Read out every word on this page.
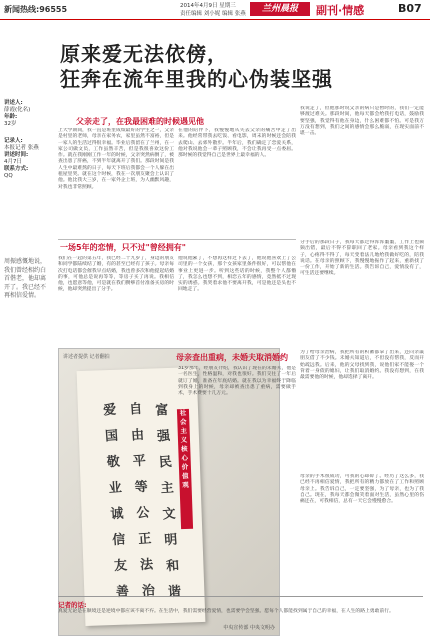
新闻热线:96555	2014年4月9日 星期三
责任编辑 刘小妮 编辑 张燕	兰州晨报	副刊·情感	B07
原来爱无法依傍，
狂奔在流年里我的心伪装坚强
讲述人:
薛霞(化名)
年龄:
32岁
记录人:
本报记者 张燕
讲述时间:
4月7日
联系方式:
QQ
周振感慨地说，我们曾经相约白首偕老，他却离开了。我已经不再相信爱情。
父亲走了，在我最困难的时候遇见他
上大学期间，我一直是班里成绩最好的学生之一，父亲是村里的老师，母亲在家务农，家里虽然不富裕，但是一家人的生活过得很幸福。毕业后我留在了兰州，在一家公司做文员，工作虽然辛苦，但是我很喜欢这份工作。就在我刚刚工作一年的时候，父亲突然病倒了，被查出患了肝癌，不到半年就离开了我们。那段时间是我人生中最难熬的日子，每天下班后我都会一个人躲在出租屋里哭。就在这个时候，我在一次朋友聚会上认识了他。他比我大三岁，在一家外企上班，为人幽默风趣，对我也非常照顾。
在他的陪伴下，我慢慢地从失去父亲的痛苦中走了出来。他经常带我去吃饭、看电影，周末的时候还会陪我去爬山、去郊外散步。半年后，我们确定了恋爱关系，他对我说他会一辈子照顾我，不会让我再受一点委屈。那时候的我觉得自己是世界上最幸福的人。
我说走了，但他那时说父亲的病只是暂时的，我们一定能够渡过难关。那段时间，他每天都会给我打电话，鼓励我要坚强，我觉得有他在身边，什么困难都不怕。可是我万万没有想到，我们之间的感情会那么脆弱，在现实面前不堪一击。
一场5年的恋情，只不过"曾经拥有"
我们在一起的第五年，我已经二十九岁了，身边的朋友和同学都陆续结了婚，有的甚至已经有了孩子。母亲每次打电话都会催我早点结婚，我也曾多次和他提起结婚的事，可他总是说再等等，等房子买了再说。我相信他，也愿意等他，可是就在我们攒够首付准备买房的时候，他却突然提出了分手。
他说他累了，不想再这样过下去了，他说他喜欢上了公司里的一个女孩，那个女孩家里条件很好，可以帮他在事业上更进一步。听到这些话的时候，我整个人都懵了，我怎么也想不到，相恋五年的感情，竟然抵不过现实的诱惑。我哭着求他不要离开我，可是他还是头也不回地走了。
分手后的那段日子，我每天都过得浑浑噩噩，工作上也频频出错，最后不得不辞职回了老家。母亲看到我这个样子，心疼得不得了，每天变着法儿地给我做好吃的，陪我说话。在母亲的照顾下，我慢慢地振作了起来，重新找了一份工作，开始了新的生活。我告诉自己，爱情没有了，可生活还要继续。
讲述者提供 记者翻拍
富强民主文明和谐
自由平等公正法治
爱国敬业诚信友善
社会主义核心价值观
中央宣传部 中央文明办
母亲查出重病，未婚夫取消婚约
31岁那年，经朋友介绍，我认识了现在的未婚夫，他是一名医生，性格温和，对我也很好。我们交往了一年后就订了婚，准备在年底结婚。就在我以为幸福终于降临到我身上的时候，母亲却被查出患了重病，需要做手术，手术费要十几万元。
为了给母亲治病，我把所有的积蓄都拿了出来，还向亲戚朋友借了不少钱。未婚夫知道后，不但没有帮我，反而开始疏远我。后来，他的父母找到我，说他们家不能娶一个背着一身债的媳妇，让我们取消婚约。我没有想到，在我最需要他的时候，他却选择了离开。
母亲的手术很成功，可我的心却碎了。经历了这么多，我已经不再相信爱情，我把所有的精力都放在了工作和照顾母亲上。我告诉自己，一定要坚强，为了母亲，也为了我自己。现在，我每天都会微笑着面对生活，虽然心里的伤痛还在，可我相信，总有一天它会慢慢愈合。
记者的话:
真爱无论是在顺境还是逆境中都应该不离不弃。在生活中，我们需要经营爱情，也需要学会坚强。愿每个人都能找到属于自己的幸福，在人生的路上勇敢前行。
